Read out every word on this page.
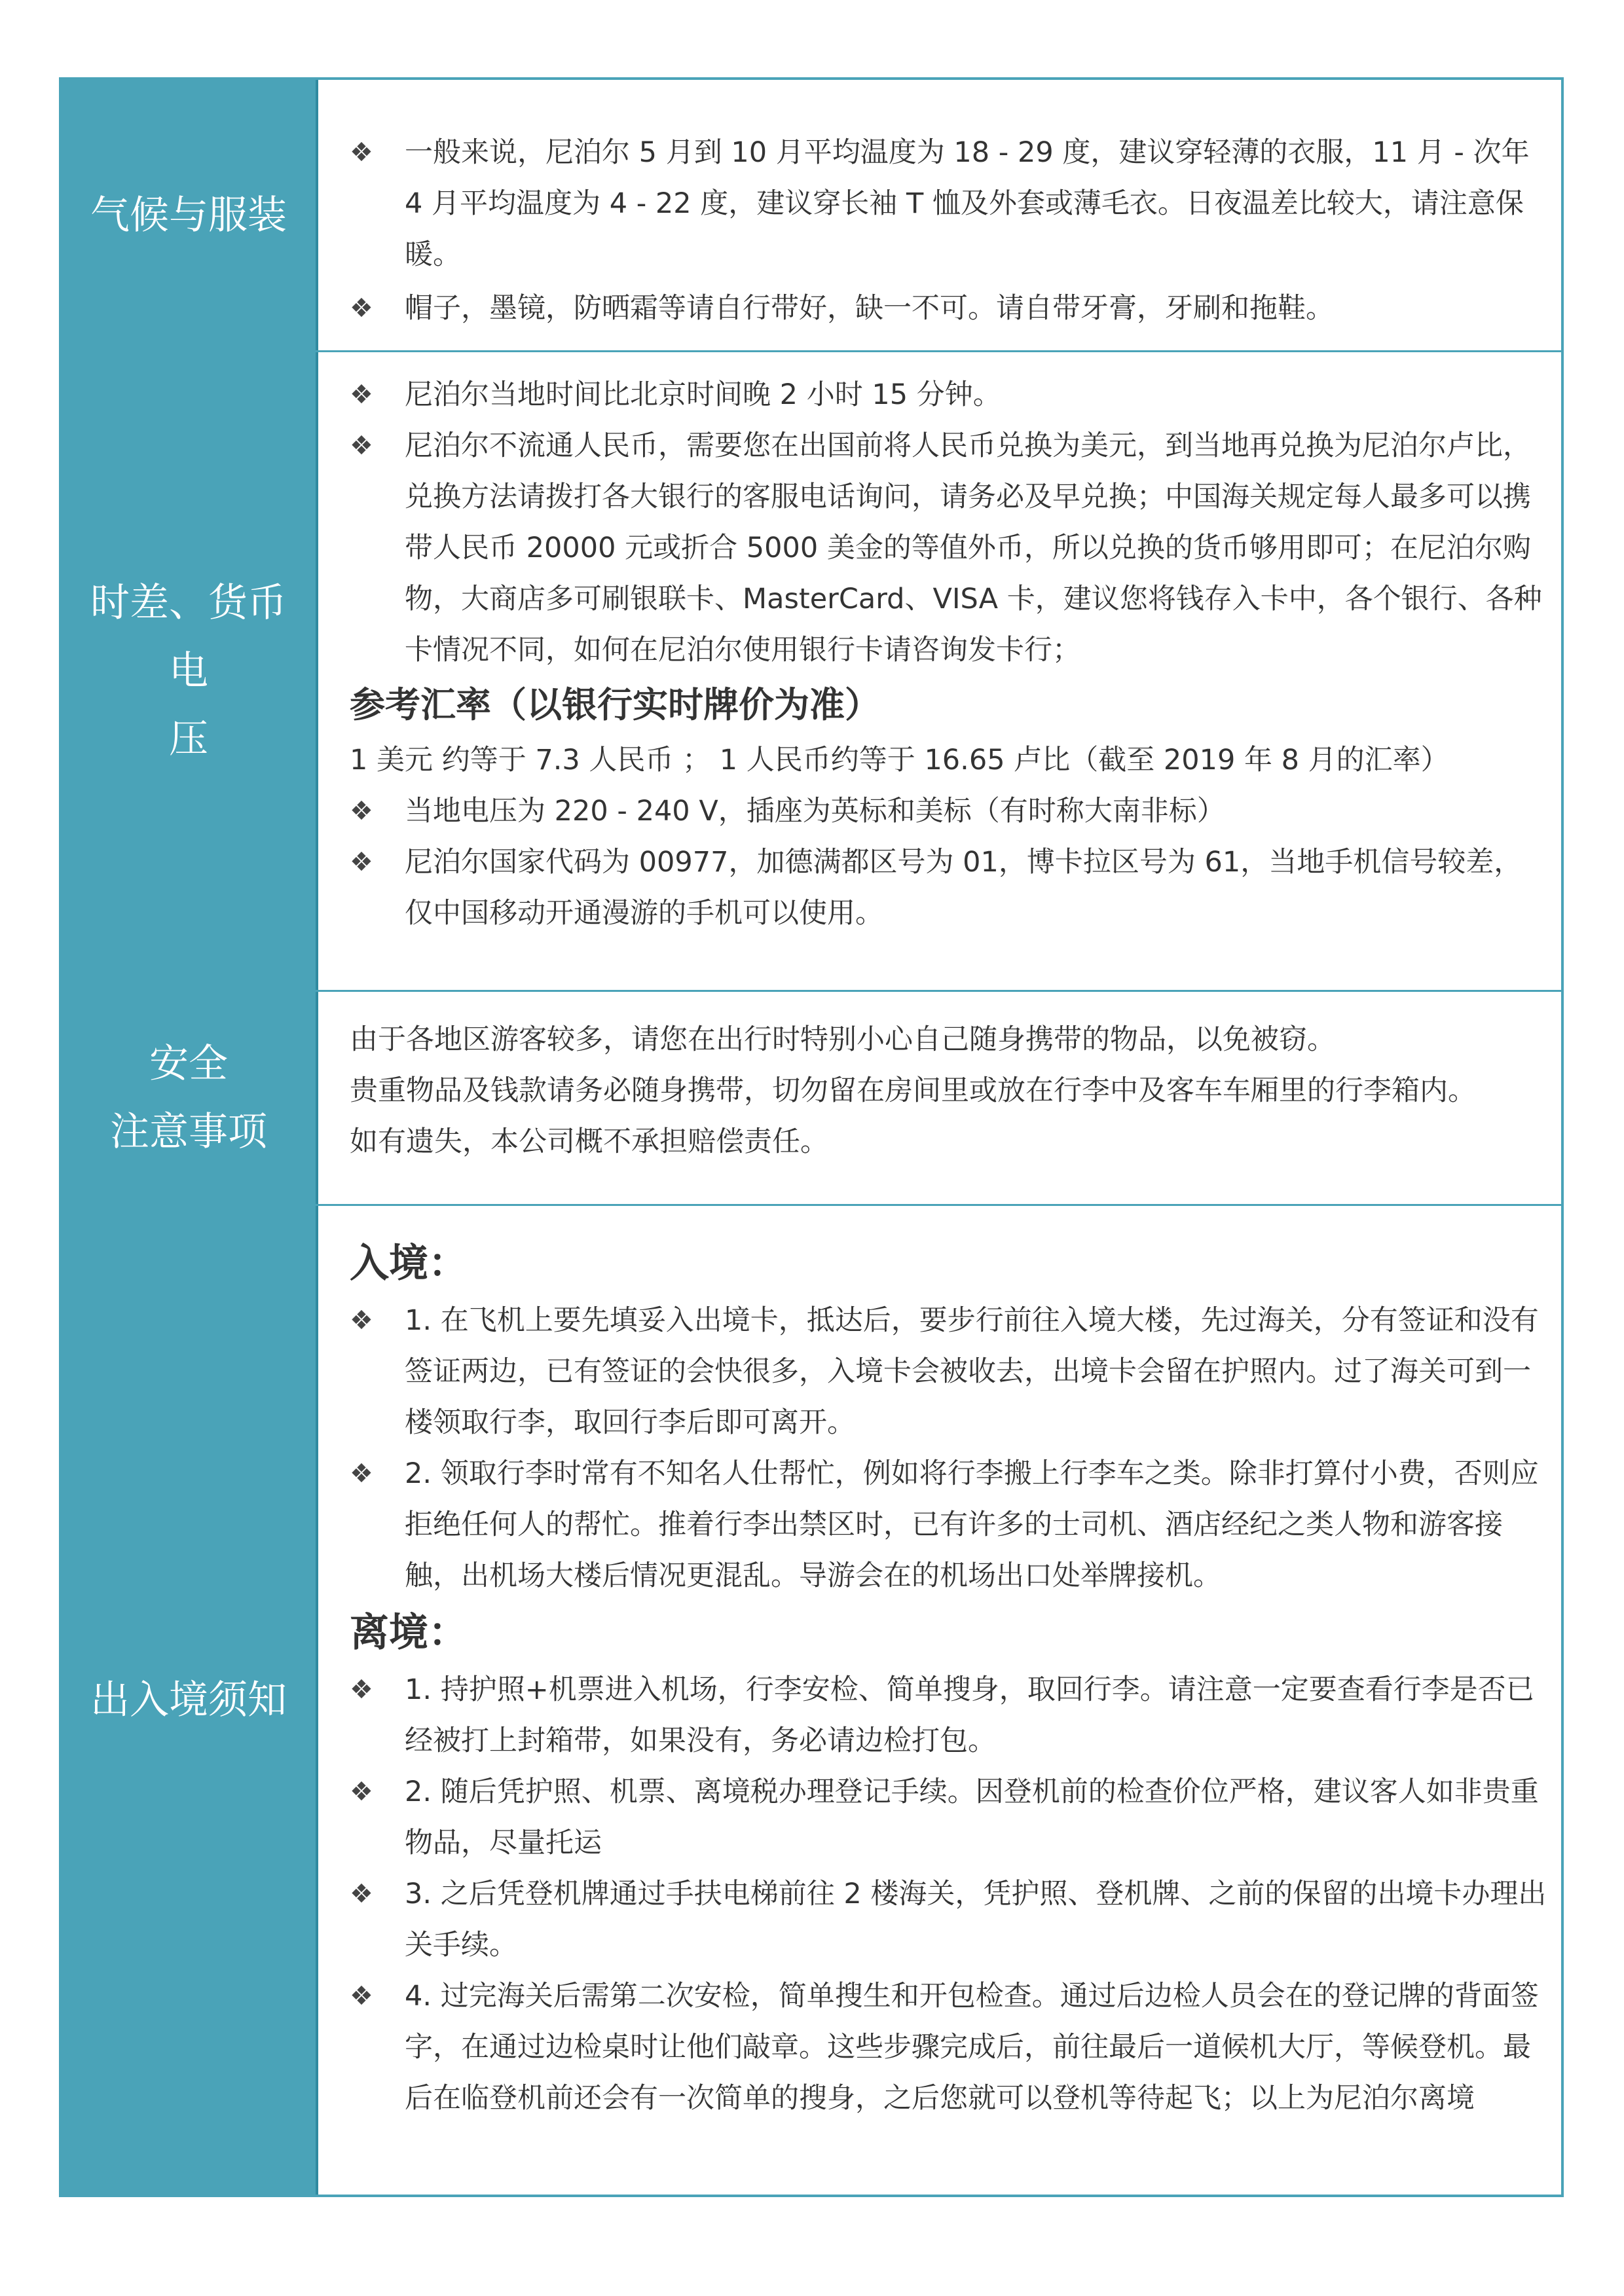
气候与服装
❖ 一般来说，尼泊尔 5 月到 10 月平均温度为 18 - 29 度，建议穿轻薄的衣服，11 月 - 次年 4 月平均温度为 4 - 22 度，建议穿长袖 T 恤及外套或薄毛衣。日夜温差比较大，请注意保暖。
❖ 帽子，墨镜，防晒霜等请自行带好，缺一不可。请自带牙膏，牙刷和拖鞋。
时差、货币电
压
❖ 尼泊尔当地时间比北京时间晚 2 小时 15 分钟。
❖ 尼泊尔不流通人民币，需要您在出国前将人民币兑换为美元，到当地再兑换为尼泊尔卢比，兑换方法请拨打各大银行的客服电话询问，请务必及早兑换；中国海关规定每人最多可以携带人民币 20000 元或折合 5000 美金的等值外币，所以兑换的货币够用即可；在尼泊尔购物，大商店多可刷银联卡、MasterCard、VISA 卡，建议您将钱存入卡中，各个银行、各种卡情况不同，如何在尼泊尔使用银行卡请咨询发卡行；
参考汇率（以银行实时牌价为准）
1 美元 约等于 7.3 人民币 ； 1 人民币约等于 16.65 卢比（截至 2019 年 8 月的汇率）
❖ 当地电压为 220 - 240 V，插座为英标和美标（有时称大南非标）
❖ 尼泊尔国家代码为 00977，加德满都区号为 01，博卡拉区号为 61，当地手机信号较差，仅中国移动开通漫游的手机可以使用。
安全
注意事项
由于各地区游客较多，请您在出行时特别小心自己随身携带的物品，以免被窃。
贵重物品及钱款请务必随身携带，切勿留在房间里或放在行李中及客车车厢里的行李箱内。
如有遗失，本公司概不承担赔偿责任。
出入境须知
入境：
❖ 1. 在飞机上要先填妥入出境卡，抵达后，要步行前往入境大楼，先过海关，分有签证和没有签证两边，已有签证的会快很多，入境卡会被收去，出境卡会留在护照内。过了海关可到一楼领取行李，取回行李后即可离开。
❖ 2. 领取行李时常有不知名人仕帮忙，例如将行李搬上行李车之类。除非打算付小费，否则应拒绝任何人的帮忙。推着行李出禁区时，已有许多的士司机、酒店经纪之类人物和游客接触，出机场大楼后情况更混乱。导游会在的机场出口处举牌接机。
离境：
❖ 1. 持护照+机票进入机场，行李安检、简单搜身，取回行李。请注意一定要查看行李是否已经被打上封箱带，如果没有，务必请边检打包。
❖ 2. 随后凭护照、机票、离境税办理登记手续。因登机前的检查价位严格，建议客人如非贵重物品，尽量托运
❖ 3. 之后凭登机牌通过手扶电梯前往 2 楼海关，凭护照、登机牌、之前的保留的出境卡办理出关手续。
❖ 4. 过完海关后需第二次安检，简单搜生和开包检查。通过后边检人员会在的登记牌的背面签字，在通过边检桌时让他们敲章。这些步骤完成后，前往最后一道候机大厅，等候登机。最后在临登机前还会有一次简单的搜身，之后您就可以登机等待起飞；以上为尼泊尔离境
